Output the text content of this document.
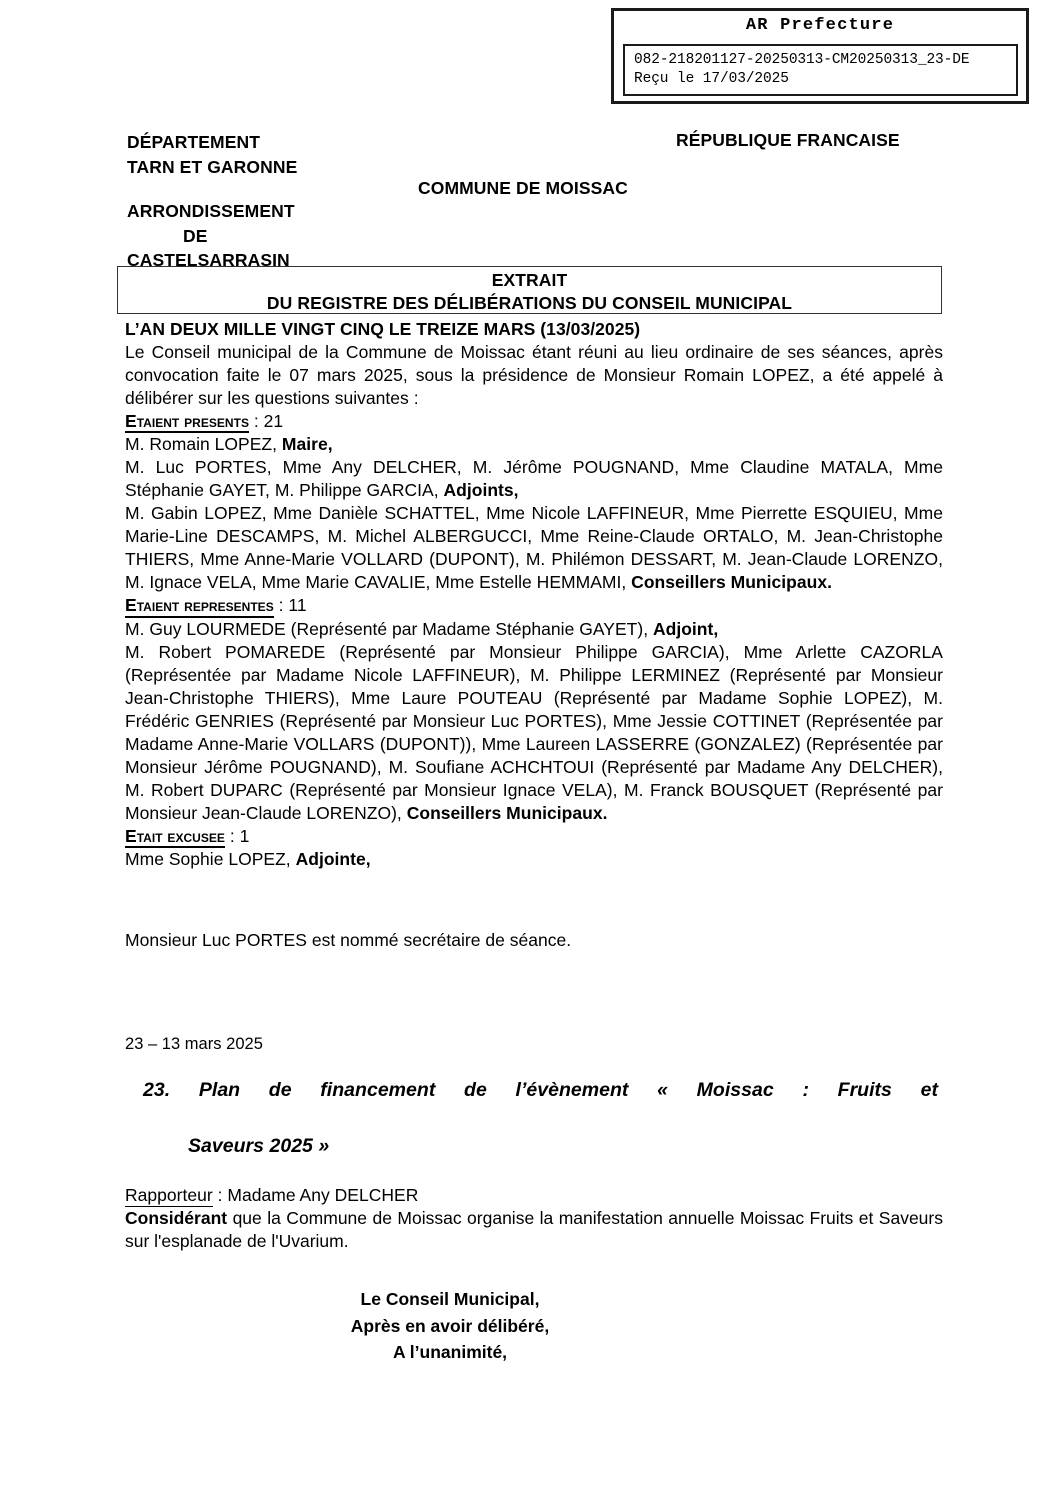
AR Prefecture
082-218201127-20250313-CM20250313_23-DE
Reçu le 17/03/2025
DÉPARTEMENT
TARN ET GARONNE
ARRONDISSEMENT
DE
CASTELSARRASIN
RÉPUBLIQUE FRANCAISE
COMMUNE DE MOISSAC
EXTRAIT
DU REGISTRE DES DÉLIBÉRATIONS DU CONSEIL MUNICIPAL

L’AN DEUX MILLE VINGT CINQ LE TREIZE MARS (13/03/2025)

Le Conseil municipal de la Commune de Moissac étant réuni au lieu ordinaire de ses séances, après convocation faite le 07 mars 2025, sous la présidence de Monsieur Romain LOPEZ, a été appelé à délibérer sur les questions suivantes :

Etaient presents : 21

M. Romain LOPEZ, Maire,

M. Luc PORTES, Mme Any DELCHER, M. Jérôme POUGNAND, Mme Claudine MATALA, Mme Stéphanie GAYET, M. Philippe GARCIA, Adjoints,

M. Gabin LOPEZ, Mme Danièle SCHATTEL, Mme Nicole LAFFINEUR, Mme Pierrette ESQUIEU, Mme Marie-Line DESCAMPS, M. Michel ALBERGUCCI, Mme Reine-Claude ORTALO, M. Jean-Christophe THIERS, Mme Anne-Marie VOLLARD (DUPONT), M. Philémon DESSART, M. Jean-Claude LORENZO, M. Ignace VELA, Mme Marie CAVALIE, Mme Estelle HEMMAMI, Conseillers Municipaux.

Etaient representes : 11

M. Guy LOURMEDE (Représenté par Madame Stéphanie GAYET), Adjoint,

M. Robert POMAREDE (Représenté par Monsieur Philippe GARCIA), Mme Arlette CAZORLA (Représentée par Madame Nicole LAFFINEUR), M. Philippe LERMINEZ (Représenté par Monsieur Jean-Christophe THIERS), Mme Laure POUTEAU (Représenté par Madame Sophie LOPEZ), M. Frédéric GENRIES (Représenté par Monsieur Luc PORTES), Mme Jessie COTTINET (Représentée par Madame Anne-Marie VOLLARS (DUPONT)), Mme Laureen LASSERRE (GONZALEZ) (Représentée par Monsieur Jérôme POUGNAND), M. Soufiane ACHCHTOUI (Représenté par Madame Any DELCHER), M. Robert DUPARC (Représenté par Monsieur Ignace VELA), M. Franck BOUSQUET (Représenté par Monsieur Jean-Claude LORENZO), Conseillers Municipaux.

Etait excusee : 1

Mme Sophie LOPEZ, Adjointe,

Monsieur Luc PORTES est nommé secrétaire de séance.

23 – 13 mars 2025
23. Plan de financement de l’évènement « Moissac : Fruits et
Saveurs 2025 »
Rapporteur : Madame Any DELCHER
Considérant que la Commune de Moissac organise la manifestation annuelle Moissac Fruits et Saveurs sur l'esplanade de l'Uvarium.
Le Conseil Municipal,
Après en avoir délibéré,
A l’unanimité,
